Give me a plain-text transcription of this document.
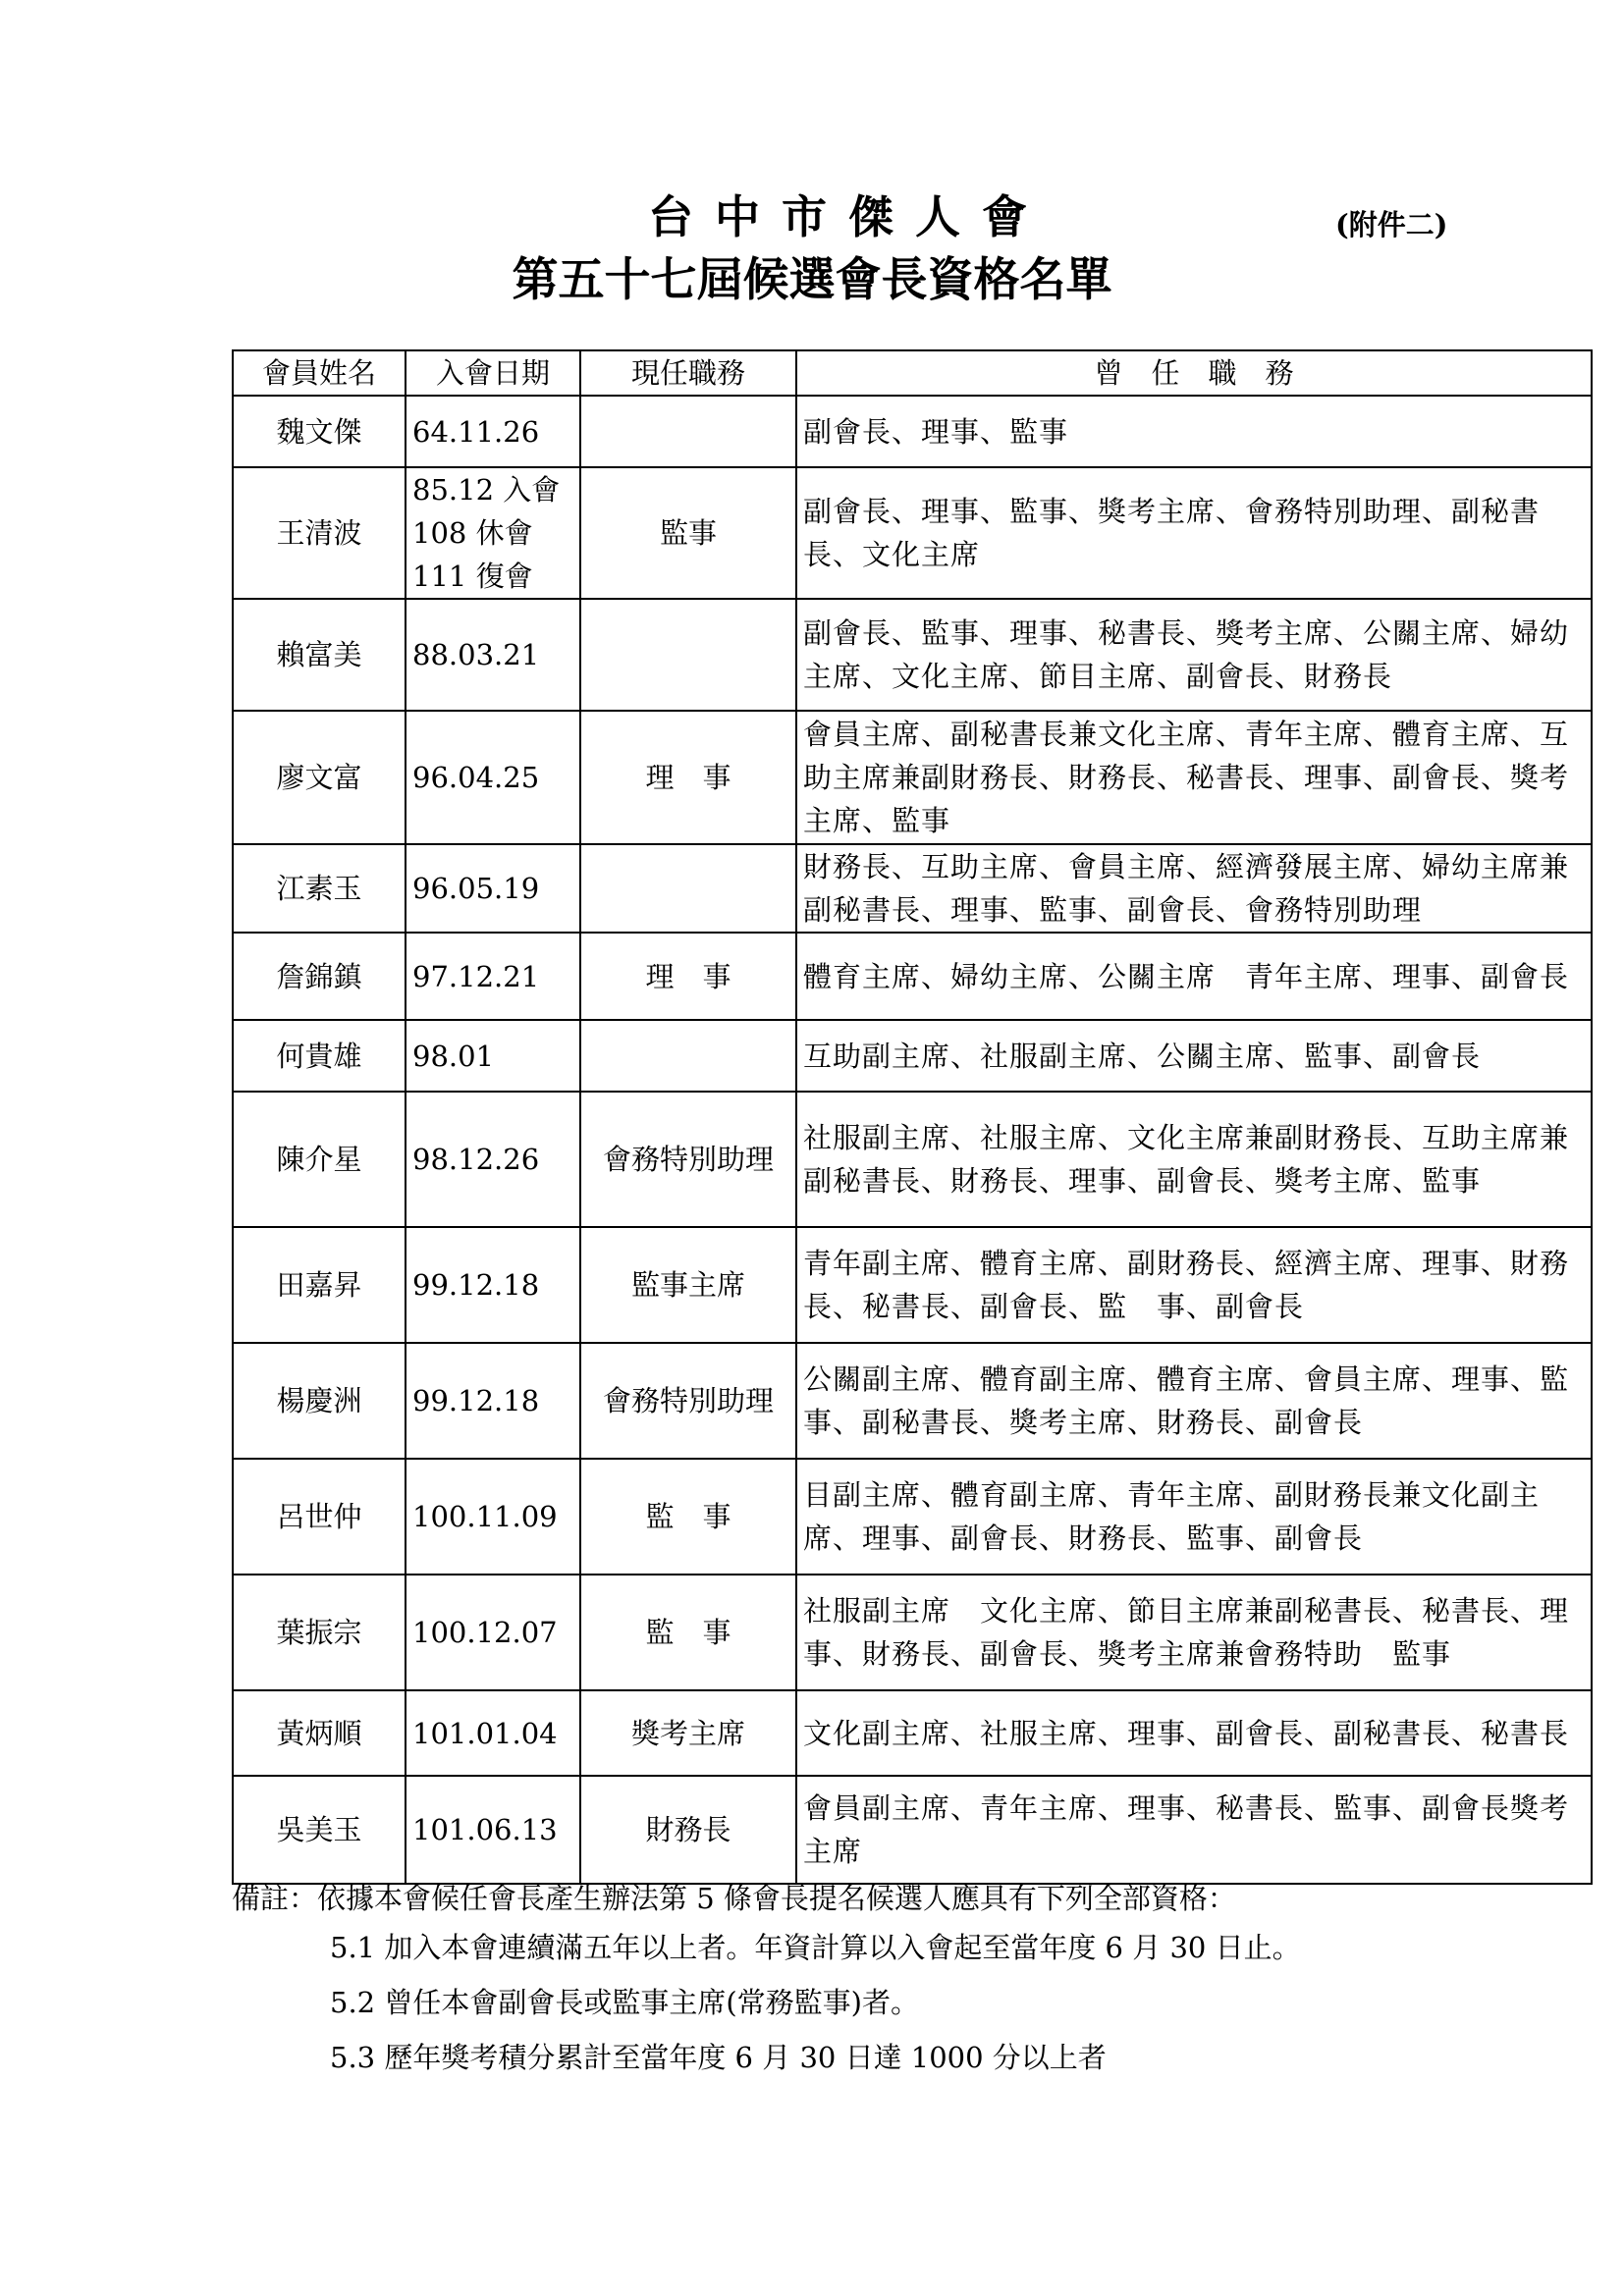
台中市傑人會	(附件二)
第五十七屆候選會長資格名單
會員姓名	入會日期	現任職務	曾　任　職　務
魏文傑	64.11.26		副會長、理事、監事
王清波	85.12 入會
108 休會
111 復會	監事	副會長、理事、監事、獎考主席、會務特別助理、副秘書長、文化主席
賴富美	88.03.21		副會長、監事、理事、秘書長、獎考主席、公關主席、婦幼主席、文化主席、節目主席、副會長、財務長
廖文富	96.04.25	理　事	會員主席、副秘書長兼文化主席、青年主席、體育主席、互助主席兼副財務長、財務長、秘書長、理事、副會長、獎考主席、監事
江素玉	96.05.19		財務長、互助主席、會員主席、經濟發展主席、婦幼主席兼副秘書長、理事、監事、副會長、會務特別助理
詹錦鎮	97.12.21	理　事	體育主席、婦幼主席、公關主席　青年主席、理事、副會長
何貴雄	98.01		互助副主席、社服副主席、公關主席、監事、副會長
陳介星	98.12.26	會務特別助理	社服副主席、社服主席、文化主席兼副財務長、互助主席兼副秘書長、財務長、理事、副會長、獎考主席、監事
田嘉昇	99.12.18	監事主席	青年副主席、體育主席、副財務長、經濟主席、理事、財務長、秘書長、副會長、監　事、副會長
楊慶洲	99.12.18	會務特別助理	公關副主席、體育副主席、體育主席、會員主席、理事、監事、副秘書長、獎考主席、財務長、副會長
呂世仲	100.11.09	監　事	目副主席、體育副主席、青年主席、副財務長兼文化副主席、理事、副會長、財務長、監事、副會長
葉振宗	100.12.07	監　事	社服副主席　文化主席、節目主席兼副秘書長、秘書長、理事、財務長、副會長、獎考主席兼會務特助　監事
黃炳順	101.01.04	獎考主席	文化副主席、社服主席、理事、副會長、副秘書長、秘書長
吳美玉	101.06.13	財務長	會員副主席、青年主席、理事、秘書長、監事、副會長獎考主席
備註：依據本會候任會長產生辦法第 5 條會長提名候選人應具有下列全部資格：
5.1 加入本會連續滿五年以上者。年資計算以入會起至當年度 6 月 30 日止。
5.2 曾任本會副會長或監事主席(常務監事)者。
5.3 歷年獎考積分累計至當年度 6 月 30 日達 1000 分以上者
